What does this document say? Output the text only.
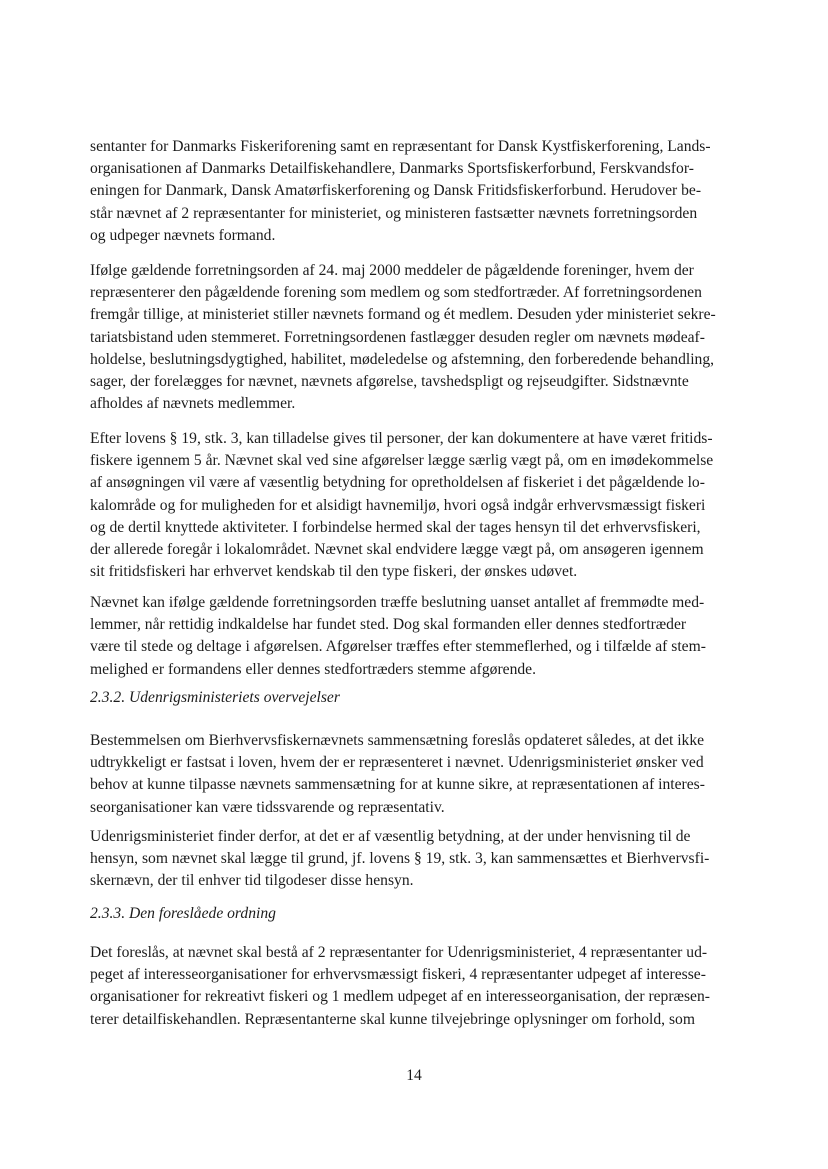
sentanter for Danmarks Fiskeriforening samt en repræsentant for Dansk Kystfiskerforening, Lands-
organisationen af Danmarks Detailfiskehandlere, Danmarks Sportsfiskerforbund, Ferskvandsfor-
eningen for Danmark, Dansk Amatørfiskerforening og Dansk Fritidsfiskerforbund. Herudover be-
står nævnet af 2 repræsentanter for ministeriet, og ministeren fastsætter nævnets forretningsorden
og udpeger nævnets formand.
Ifølge gældende forretningsorden af 24. maj 2000 meddeler de pågældende foreninger, hvem der
repræsenterer den pågældende forening som medlem og som stedfortræder. Af forretningsordenen
fremgår tillige, at ministeriet stiller nævnets formand og ét medlem. Desuden yder ministeriet sekre-
tariatsbistand uden stemmeret. Forretningsordenen fastlægger desuden regler om nævnets mødeaf-
holdelse, beslutningsdygtighed, habilitet, mødeledelse og afstemning, den forberedende behandling,
sager, der forelægges for nævnet, nævnets afgørelse, tavshedspligt og rejseudgifter. Sidstnævnte
afholdes af nævnets medlemmer.
Efter lovens § 19, stk. 3, kan tilladelse gives til personer, der kan dokumentere at have været fritids-
fiskere igennem 5 år. Nævnet skal ved sine afgørelser lægge særlig vægt på, om en imødekommelse
af ansøgningen vil være af væsentlig betydning for opretholdelsen af fiskeriet i det pågældende lo-
kalområde og for muligheden for et alsidigt havnemiljø, hvori også indgår erhvervsmæssigt fiskeri
og de dertil knyttede aktiviteter. I forbindelse hermed skal der tages hensyn til det erhvervsfiskeri,
der allerede foregår i lokalområdet. Nævnet skal endvidere lægge vægt på, om ansøgeren igennem
sit fritidsfiskeri har erhvervet kendskab til den type fiskeri, der ønskes udøvet.
Nævnet kan ifølge gældende forretningsorden træffe beslutning uanset antallet af fremmødte med-
lemmer, når rettidig indkaldelse har fundet sted. Dog skal formanden eller dennes stedfortræder
være til stede og deltage i afgørelsen. Afgørelser træffes efter stemmeflerhed, og i tilfælde af stem-
melighed er formandens eller dennes stedfortræders stemme afgørende.
2.3.2. Udenrigsministeriets overvejelser
Bestemmelsen om Bierhvervsfiskernævnets sammensætning foreslås opdateret således, at det ikke
udtrykkeligt er fastsat i loven, hvem der er repræsenteret i nævnet. Udenrigsministeriet ønsker ved
behov at kunne tilpasse nævnets sammensætning for at kunne sikre, at repræsentationen af interes-
seorganisationer kan være tidssvarende og repræsentativ.
Udenrigsministeriet finder derfor, at det er af væsentlig betydning, at der under henvisning til de
hensyn, som nævnet skal lægge til grund, jf. lovens § 19, stk. 3, kan sammensættes et Bierhvervsfi-
skernævn, der til enhver tid tilgodeser disse hensyn.
2.3.3. Den foreslåede ordning
Det foreslås, at nævnet skal bestå af 2 repræsentanter for Udenrigsministeriet, 4 repræsentanter ud-
peget af interesseorganisationer for erhvervsmæssigt fiskeri, 4 repræsentanter udpeget af interesse-
organisationer for rekreativt fiskeri og 1 medlem udpeget af en interesseorganisation, der repræsen-
terer detailfiskehandlen. Repræsentanterne skal kunne tilvejebringe oplysninger om forhold, som
14
